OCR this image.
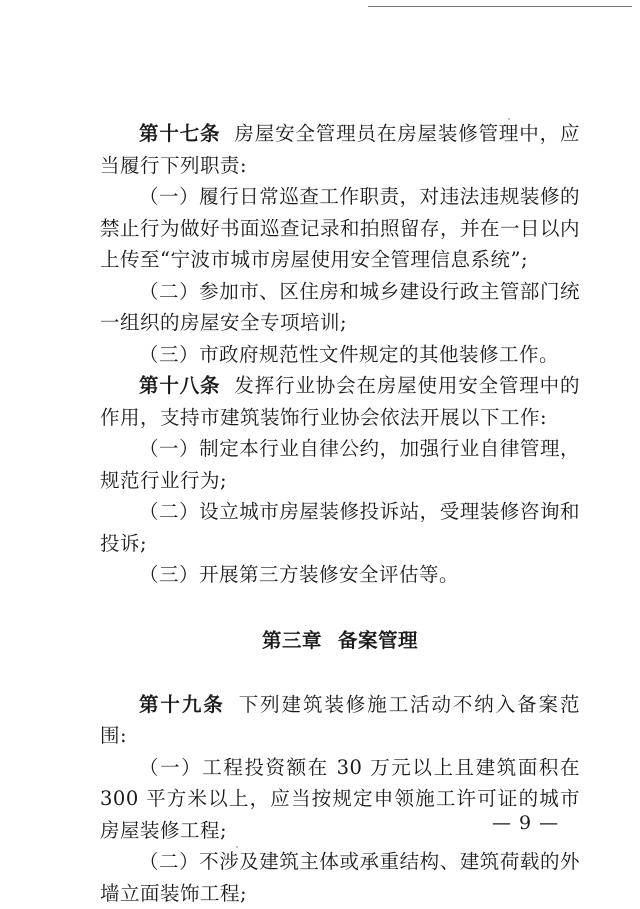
第十七条 房屋安全管理员在房屋装修管理中，应当履行下列职责:

（一）履行日常巡查工作职责，对违法违规装修的禁止行为做好书面巡查记录和拍照留存，并在一日以内上传至“宁波市城市房屋使用安全管理信息系统”;

（二）参加市、区住房和城乡建设行政主管部门统一组织的房屋安全专项培训;

（三）市政府规范性文件规定的其他装修工作。

第十八条 发挥行业协会在房屋使用安全管理中的作用，支持市建筑装饰行业协会依法开展以下工作:

（一）制定本行业自律公约，加强行业自律管理，规范行业行为;

（二）设立城市房屋装修投诉站，受理装修咨询和投诉;

（三）开展第三方装修安全评估等。

第三章 备案管理

第十九条 下列建筑装修施工活动不纳入备案范围:

（一）工程投资额在 30 万元以上且建筑面积在 300 平方米以上，应当按规定申领施工许可证的城市房屋装修工程;

（二）不涉及建筑主体或承重结构、建筑荷载的外墙立面装饰工程;

— 9 —
